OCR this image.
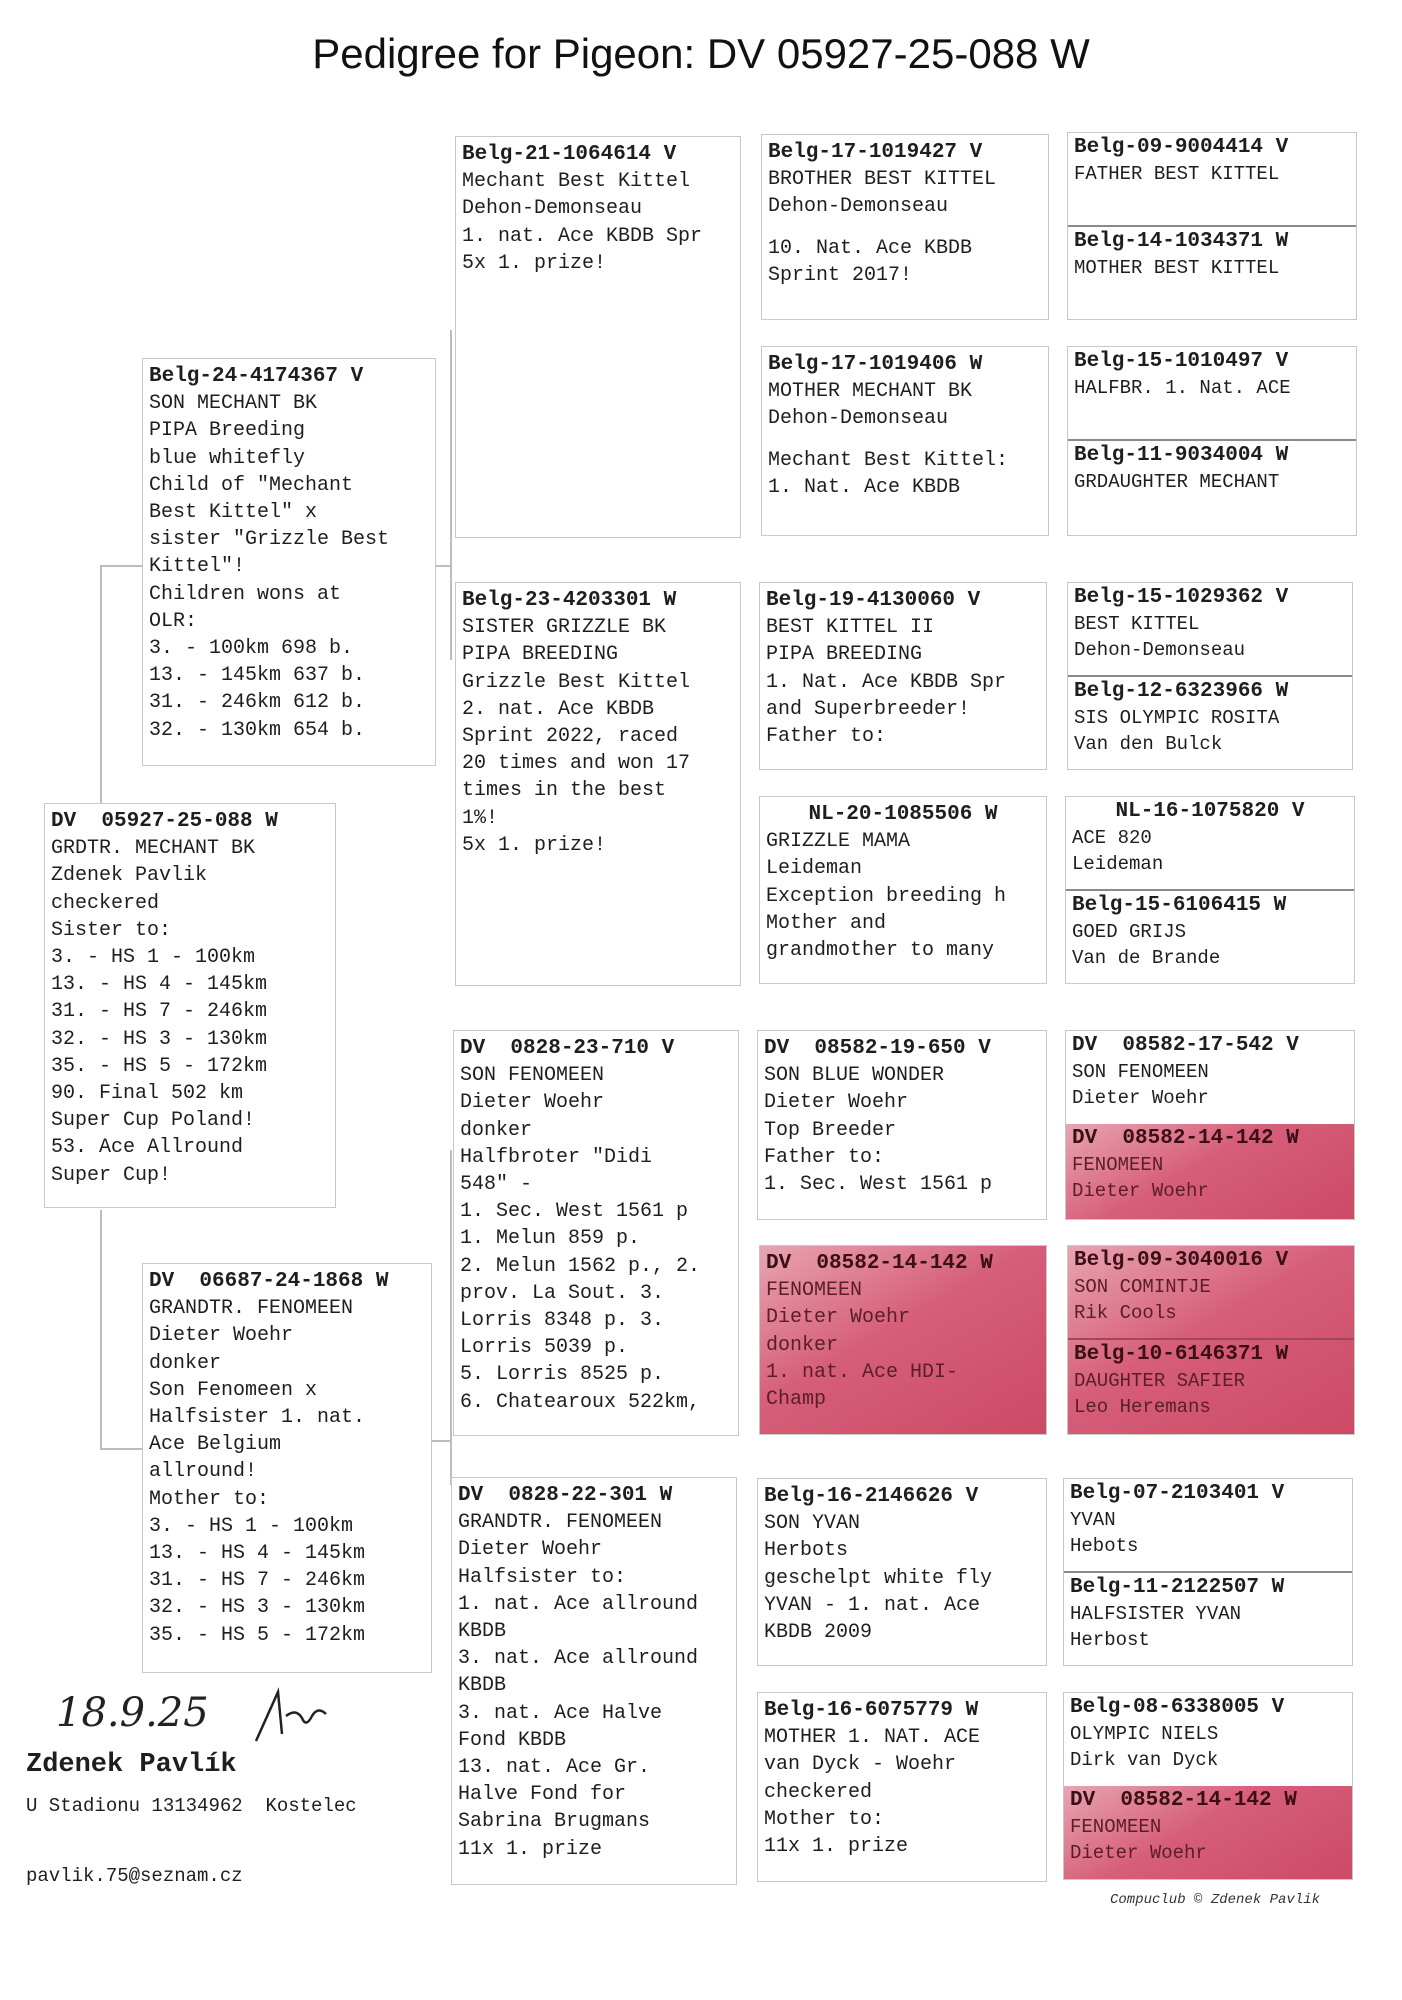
Pedigree for Pigeon: DV 05927-25-088 W
DV  05927-25-088 W
GRDTR. MECHANT BK
Zdenek Pavlik
checkered
Sister to:
3. - HS 1 - 100km
13. - HS 4 - 145km
31. - HS 7 - 246km
32. - HS 3 - 130km
35. - HS 5 - 172km
90. Final 502 km
Super Cup Poland!
53. Ace Allround
Super Cup!
Belg-24-4174367 V
SON MECHANT BK
PIPA Breeding
blue whitefly
Child of "Mechant
Best Kittel" x
sister "Grizzle Best
Kittel"!
Children wons at
OLR:
3. - 100km 698 b.
13. - 145km 637 b.
31. - 246km 612 b.
32. - 130km 654 b.
DV  06687-24-1868 W
GRANDTR. FENOMEEN
Dieter Woehr
donker
Son Fenomeen x
Halfsister 1. nat.
Ace Belgium
allround!
Mother to:
3. - HS 1 - 100km
13. - HS 4 - 145km
31. - HS 7 - 246km
32. - HS 3 - 130km
35. - HS 5 - 172km
Belg-21-1064614 V
Mechant Best Kittel
Dehon-Demonseau
1. nat. Ace KBDB Spr
5x 1. prize!
Belg-23-4203301 W
SISTER GRIZZLE BK
PIPA BREEDING
Grizzle Best Kittel
2. nat. Ace KBDB
Sprint 2022, raced
20 times and won 17
times in the best
1%!
5x 1. prize!
DV  0828-23-710 V
SON FENOMEEN
Dieter Woehr
donker
Halfbroter "Didi
548" -
1. Sec. West 1561 p
1. Melun 859 p.
2. Melun 1562 p., 2.
prov. La Sout. 3.
Lorris 8348 p. 3.
Lorris 5039 p.
5. Lorris 8525 p.
6. Chatearoux 522km,
DV  0828-22-301 W
GRANDTR. FENOMEEN
Dieter Woehr
Halfsister to:
1. nat. Ace allround
KBDB
3. nat. Ace allround
KBDB
3. nat. Ace Halve
Fond KBDB
13. nat. Ace Gr.
Halve Fond for
Sabrina Brugmans
11x 1. prize
Belg-17-1019427 V
BROTHER BEST KITTEL
Dehon-Demonseau
10. Nat. Ace KBDB
Sprint 2017!
Belg-17-1019406 W
MOTHER MECHANT BK
Dehon-Demonseau
Mechant Best Kittel:
1. Nat. Ace KBDB
Belg-19-4130060 V
BEST KITTEL II
PIPA BREEDING
1. Nat. Ace KBDB Spr
and Superbreeder!
Father to:
NL-20-1085506 W
GRIZZLE MAMA
Leideman
Exception breeding h
Mother and
grandmother to many
DV  08582-19-650 V
SON BLUE WONDER
Dieter Woehr
Top Breeder
Father to:
1. Sec. West 1561 p
DV  08582-14-142 W
FENOMEEN
Dieter Woehr
donker
1. nat. Ace HDI-
Champ
Belg-16-2146626 V
SON YVAN
Herbots
geschelpt white fly
YVAN - 1. nat. Ace
KBDB 2009
Belg-16-6075779 W
MOTHER 1. NAT. ACE
van Dyck - Woehr
checkered
Mother to:
11x 1. prize
Belg-09-9004414 V
FATHER BEST KITTEL
Belg-14-1034371 W
MOTHER BEST KITTEL
Belg-15-1010497 V
HALFBR. 1. Nat. ACE
Belg-11-9034004 W
GRDAUGHTER MECHANT
Belg-15-1029362 V
BEST KITTEL
Dehon-Demonseau
Belg-12-6323966 W
SIS OLYMPIC ROSITA
Van den Bulck
NL-16-1075820 V
ACE 820
Leideman
Belg-15-6106415 W
GOED GRIJS
Van de Brande
DV  08582-17-542 V
SON FENOMEEN
Dieter Woehr
DV  08582-14-142 W
FENOMEEN
Dieter Woehr
Belg-09-3040016 V
SON COMINTJE
Rik Cools
Belg-10-6146371 W
DAUGHTER SAFIER
Leo Heremans
Belg-07-2103401 V
YVAN
Hebots
Belg-11-2122507 W
HALFSISTER YVAN
Herbost
Belg-08-6338005 V
OLYMPIC NIELS
Dirk van Dyck
DV  08582-14-142 W
FENOMEEN
Dieter Woehr
18.9.25
Zdenek Pavlík
U Stadionu 13134962  Kostelec
pavlik.75@seznam.cz
Compuclub © Zdenek Pavlik
